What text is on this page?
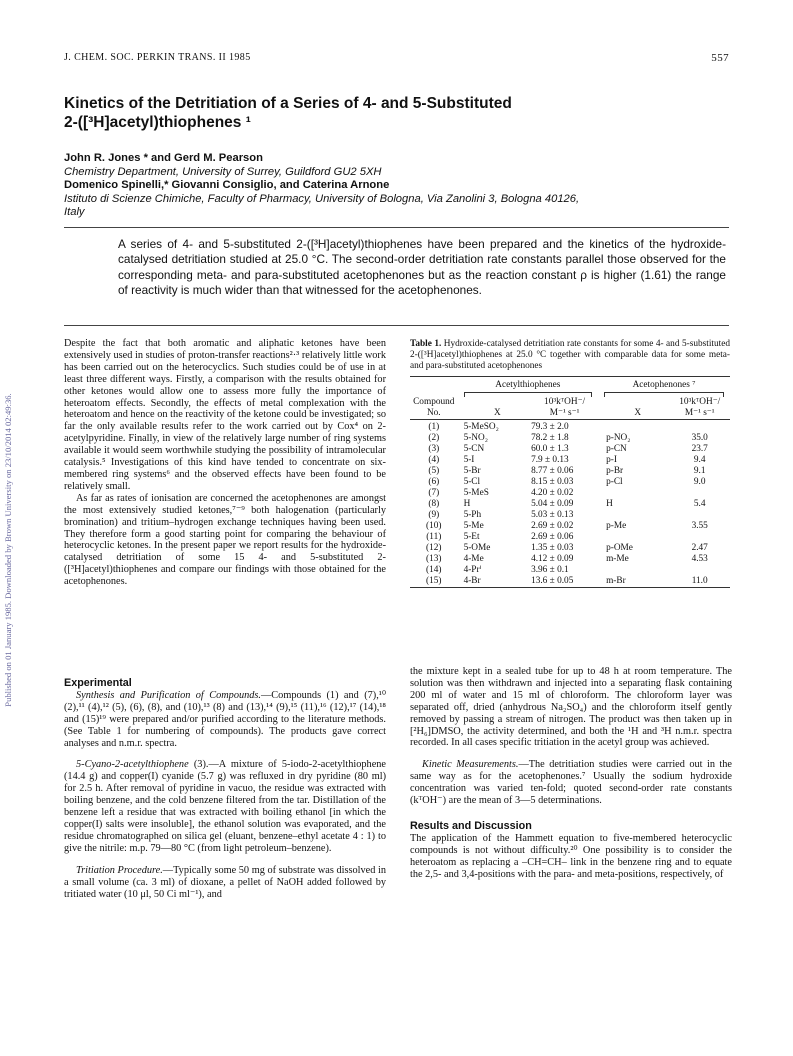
Published on 01 January 1985. Downloaded by Brown University on 23/10/2014 02:49:36.
J. CHEM. SOC. PERKIN TRANS. II 1985	557
Kinetics of the Detritiation of a Series of 4- and 5-Substituted
2-([³H]acetyl)thiophenes ¹
John R. Jones * and Gerd M. Pearson
Chemistry Department, University of Surrey, Guildford GU2 5XH
Domenico Spinelli,* Giovanni Consiglio, and Caterina Arnone
Istituto di Scienze Chimiche, Faculty of Pharmacy, University of Bologna, Via Zanolini 3, Bologna 40126,
Italy
A series of 4- and 5-substituted 2-([³H]acetyl)thiophenes have been prepared and the kinetics of the hydroxide-catalysed detritiation studied at 25.0 °C. The second-order detritiation rate constants parallel those observed for the corresponding meta- and para-substituted acetophenones but as the reaction constant ρ is higher (1.61) the range of reactivity is much wider than that witnessed for the acetophenones.

Despite the fact that both aromatic and aliphatic ketones have been extensively used in studies of proton-transfer reactions²·³ relatively little work has been carried out on the heterocyclics. Such studies could be of use in at least three different ways. Firstly, a comparison with the results obtained for other ketones would allow one to assess more fully the importance of heteroatom effects. Secondly, the effects of metal complexation with the heteroatom and hence on the reactivity of the ketone could be investigated; so far the only available results refer to the work carried out by Cox⁴ on 2-acetylpyridine. Finally, in view of the relatively large number of ring systems available it would seem worthwhile studying the possibility of intramolecular catalysis.⁵ Investigations of this kind have tended to concentrate on six-membered ring systems⁶ and the observed effects have been found to be relatively small.

As far as rates of ionisation are concerned the acetophenones are amongst the most extensively studied ketones,⁷⁻⁹ both halogenation (particularly bromination) and tritium–hydrogen exchange techniques having been used. They therefore form a good starting point for comparing the behaviour of heterocyclic ketones. In the present paper we report results for the hydroxide-catalysed detritiation of some 15 4- and 5-substituted 2-([³H]acetyl)thiophenes and compare our findings with those obtained for the acetophenones.

Experimental

Synthesis and Purification of Compounds.—Compounds (1) and (7),¹⁰ (2),¹¹ (4),¹² (5), (6), (8), and (10),¹³ (8) and (13),¹⁴ (9),¹⁵ (11),¹⁶ (12),¹⁷ (14),¹⁸ and (15)¹⁹ were prepared and/or purified according to the literature methods. (See Table 1 for numbering of compounds). The products gave correct analyses and n.m.r. spectra.

5-Cyano-2-acetylthiophene (3).—A mixture of 5-iodo-2-acetylthiophene (14.4 g) and copper(I) cyanide (5.7 g) was refluxed in dry pyridine (80 ml) for 2.5 h. After removal of pyridine in vacuo, the residue was extracted with boiling benzene, and the cold benzene filtered from the tar. Distillation of the benzene left a residue that was extracted with boiling ethanol [in which the copper(I) salts were insoluble], the ethanol solution was evaporated, and the residue chromatographed on silica gel (eluant, benzene–ethyl acetate 4 : 1) to give the nitrile: m.p. 79—80 °C (from light petroleum–benzene).

Tritiation Procedure.—Typically some 50 mg of substrate was dissolved in a small volume (ca. 3 ml) of dioxane, a pellet of NaOH added followed by tritiated water (10 μl, 50 Ci ml⁻¹), and

Table 1. Hydroxide-catalysed detritiation rate constants for some 4- and 5-substituted 2-([³H]acetyl)thiophenes at 25.0 °C together with comparable data for some meta- and para-substituted acetophenones
	Acetylthiophenes		Acetophenones ⁷	

Compound		10³kᵀOH⁻/		10³kᵀOH⁻/
No.	X	M⁻¹ s⁻¹	X	M⁻¹ s⁻¹

(1)	5-MeSO₂	79.3 ± 2.0		
(2)	5-NO₂	78.2 ± 1.8	p-NO₂	35.0
(3)	5-CN	60.0 ± 1.3	p-CN	23.7
(4)	5-I	7.9 ± 0.13	p-I	9.4
(5)	5-Br	8.77 ± 0.06	p-Br	9.1
(6)	5-Cl	8.15 ± 0.03	p-Cl	9.0
(7)	5-MeS	4.20 ± 0.02		
(8)	H	5.04 ± 0.09	H	5.4
(9)	5-Ph	5.03 ± 0.13		
(10)	5-Me	2.69 ± 0.02	p-Me	3.55
(11)	5-Et	2.69 ± 0.06		
(12)	5-OMe	1.35 ± 0.03	p-OMe	2.47
(13)	4-Me	4.12 ± 0.09	m-Me	4.53
(14)	4-Prⁱ	3.96 ± 0.1		
(15)	4-Br	13.6 ± 0.05	m-Br	11.0

the mixture kept in a sealed tube for up to 48 h at room temperature. The solution was then withdrawn and injected into a separating flask containing 200 ml of water and 15 ml of chloroform. The chloroform layer was separated off, dried (anhydrous Na₂SO₄) and the chloroform itself gently removed by passing a stream of nitrogen. The product was then taken up in [²H₆]DMSO, the activity determined, and both the ¹H and ³H n.m.r. spectra recorded. In all cases specific tritiation in the acetyl group was achieved.

Kinetic Measurements.—The detritiation studies were carried out in the same way as for the acetophenones.⁷ Usually the sodium hydroxide concentration was varied ten-fold; quoted second-order rate constants (kᵀOH⁻) are the mean of 3—5 determinations.

Results and Discussion

The application of the Hammett equation to five-membered heterocyclic compounds is not without difficulty.²⁰ One possibility is to consider the heteroatom as replacing a –CH=CH– link in the benzene ring and to equate the 2,5- and 3,4-positions with the para- and meta-positions, respectively, of
